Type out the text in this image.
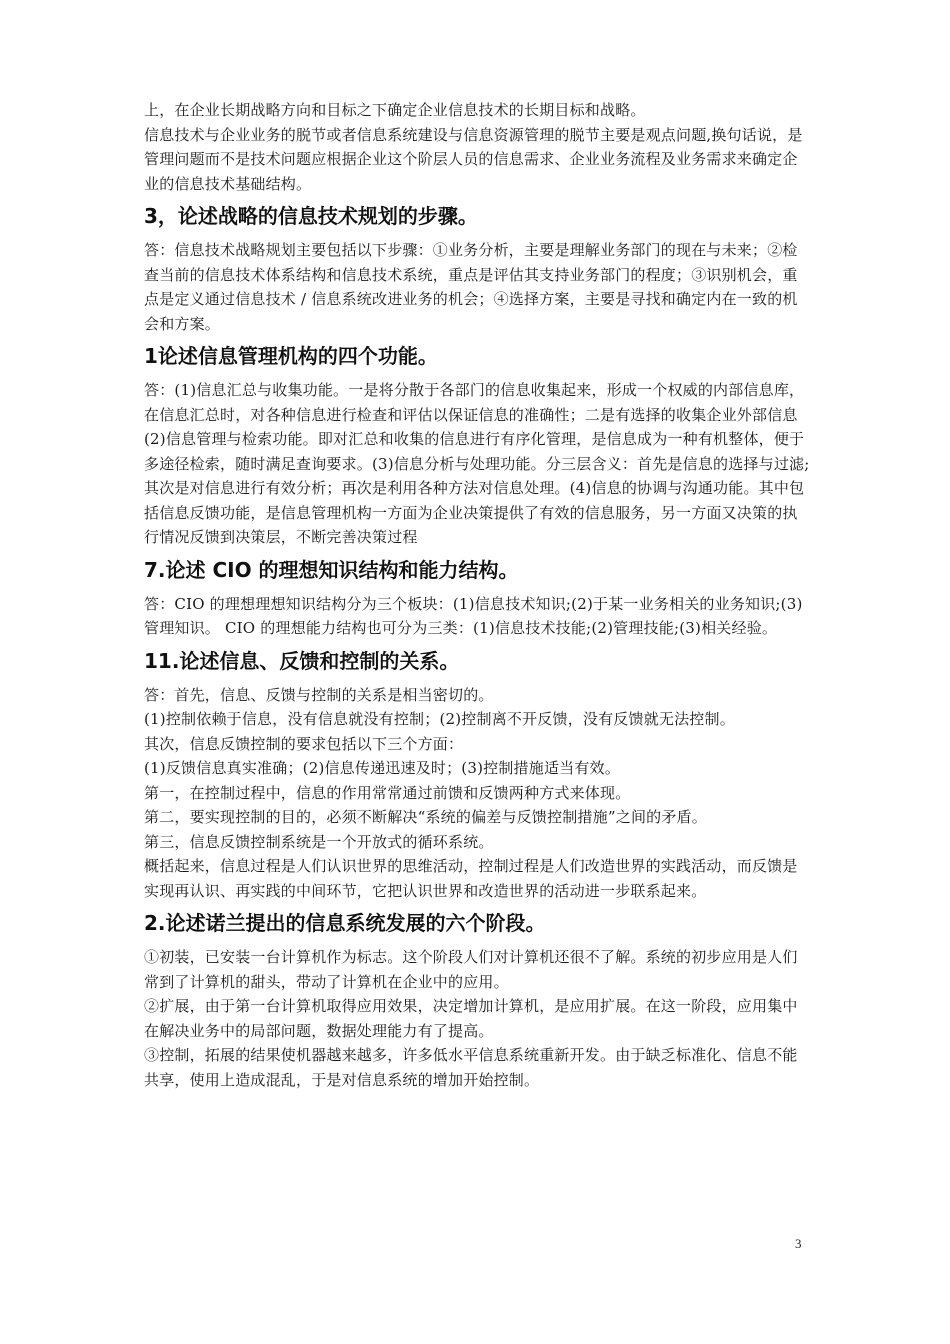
上，在企业长期战略方向和目标之下确定企业信息技术的长期目标和战略。

信息技术与企业业务的脱节或者信息系统建设与信息资源管理的脱节主要是观点问题,换句话说，是管理问题而不是技术问题应根据企业这个阶层人员的信息需求、企业业务流程及业务需求来确定企业的信息技术基础结构。

3，论述战略的信息技术规划的步骤。

答：信息技术战略规划主要包括以下步骤：①业务分析，主要是理解业务部门的现在与未来；②检查当前的信息技术体系结构和信息技术系统，重点是评估其支持业务部门的程度；③识别机会，重点是定义通过信息技术 / 信息系统改进业务的机会；④选择方案，主要是寻找和确定内在一致的机会和方案。

1论述信息管理机构的四个功能。

答：(1)信息汇总与收集功能。一是将分散于各部门的信息收集起来，形成一个权威的内部信息库，在信息汇总时，对各种信息进行检查和评估以保证信息的准确性；二是有选择的收集企业外部信息(2)信息管理与检索功能。即对汇总和收集的信息进行有序化管理，是信息成为一种有机整体，便于多途径检索，随时满足查询要求。(3)信息分析与处理功能。分三层含义：首先是信息的选择与过滤;其次是对信息进行有效分析；再次是利用各种方法对信息处理。(4)信息的协调与沟通功能。其中包括信息反馈功能，是信息管理机构一方面为企业决策提供了有效的信息服务，另一方面又决策的执行情况反馈到决策层，不断完善决策过程

7.论述 CIO 的理想知识结构和能力结构。

答：CIO 的理想理想知识结构分为三个板块：(1)信息技术知识;(2)于某一业务相关的业务知识;(3)管理知识。 CIO 的理想能力结构也可分为三类：(1)信息技术技能;(2)管理技能;(3)相关经验。

11.论述信息、反馈和控制的关系。

答：首先，信息、反馈与控制的关系是相当密切的。

(1)控制依赖于信息，没有信息就没有控制；(2)控制离不开反馈，没有反馈就无法控制。

其次，信息反馈控制的要求包括以下三个方面：

(1)反馈信息真实准确；(2)信息传递迅速及时；(3)控制措施适当有效。

第一，在控制过程中，信息的作用常常通过前馈和反馈两种方式来体现。

第二，要实现控制的目的，必须不断解决“系统的偏差与反馈控制措施”之间的矛盾。

第三，信息反馈控制系统是一个开放式的循环系统。

概括起来，信息过程是人们认识世界的思维活动，控制过程是人们改造世界的实践活动，而反馈是实现再认识、再实践的中间环节，它把认识世界和改造世界的活动进一步联系起来。

2.论述诺兰提出的信息系统发展的六个阶段。

①初装，已安装一台计算机作为标志。这个阶段人们对计算机还很不了解。系统的初步应用是人们常到了计算机的甜头，带动了计算机在企业中的应用。

②扩展，由于第一台计算机取得应用效果，决定增加计算机，是应用扩展。在这一阶段，应用集中在解决业务中的局部问题，数据处理能力有了提高。

③控制，拓展的结果使机器越来越多，许多低水平信息系统重新开发。由于缺乏标准化、信息不能共享，使用上造成混乱，于是对信息系统的增加开始控制。

3
